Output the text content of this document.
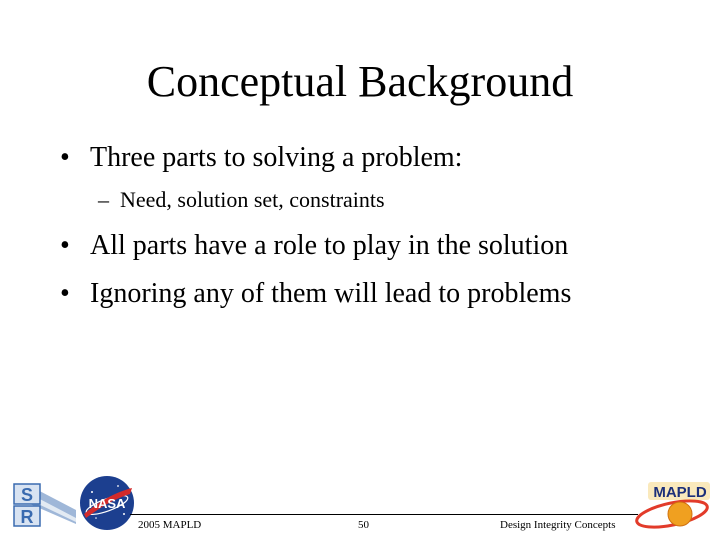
Conceptual Background
• Three parts to solving a problem:
– Need, solution set, constraints
• All parts have a role to play in the solution
• Ignoring any of them will lead to problems
S
R
NASA
MAPLD
2005 MAPLD	50	Design Integrity Concepts
